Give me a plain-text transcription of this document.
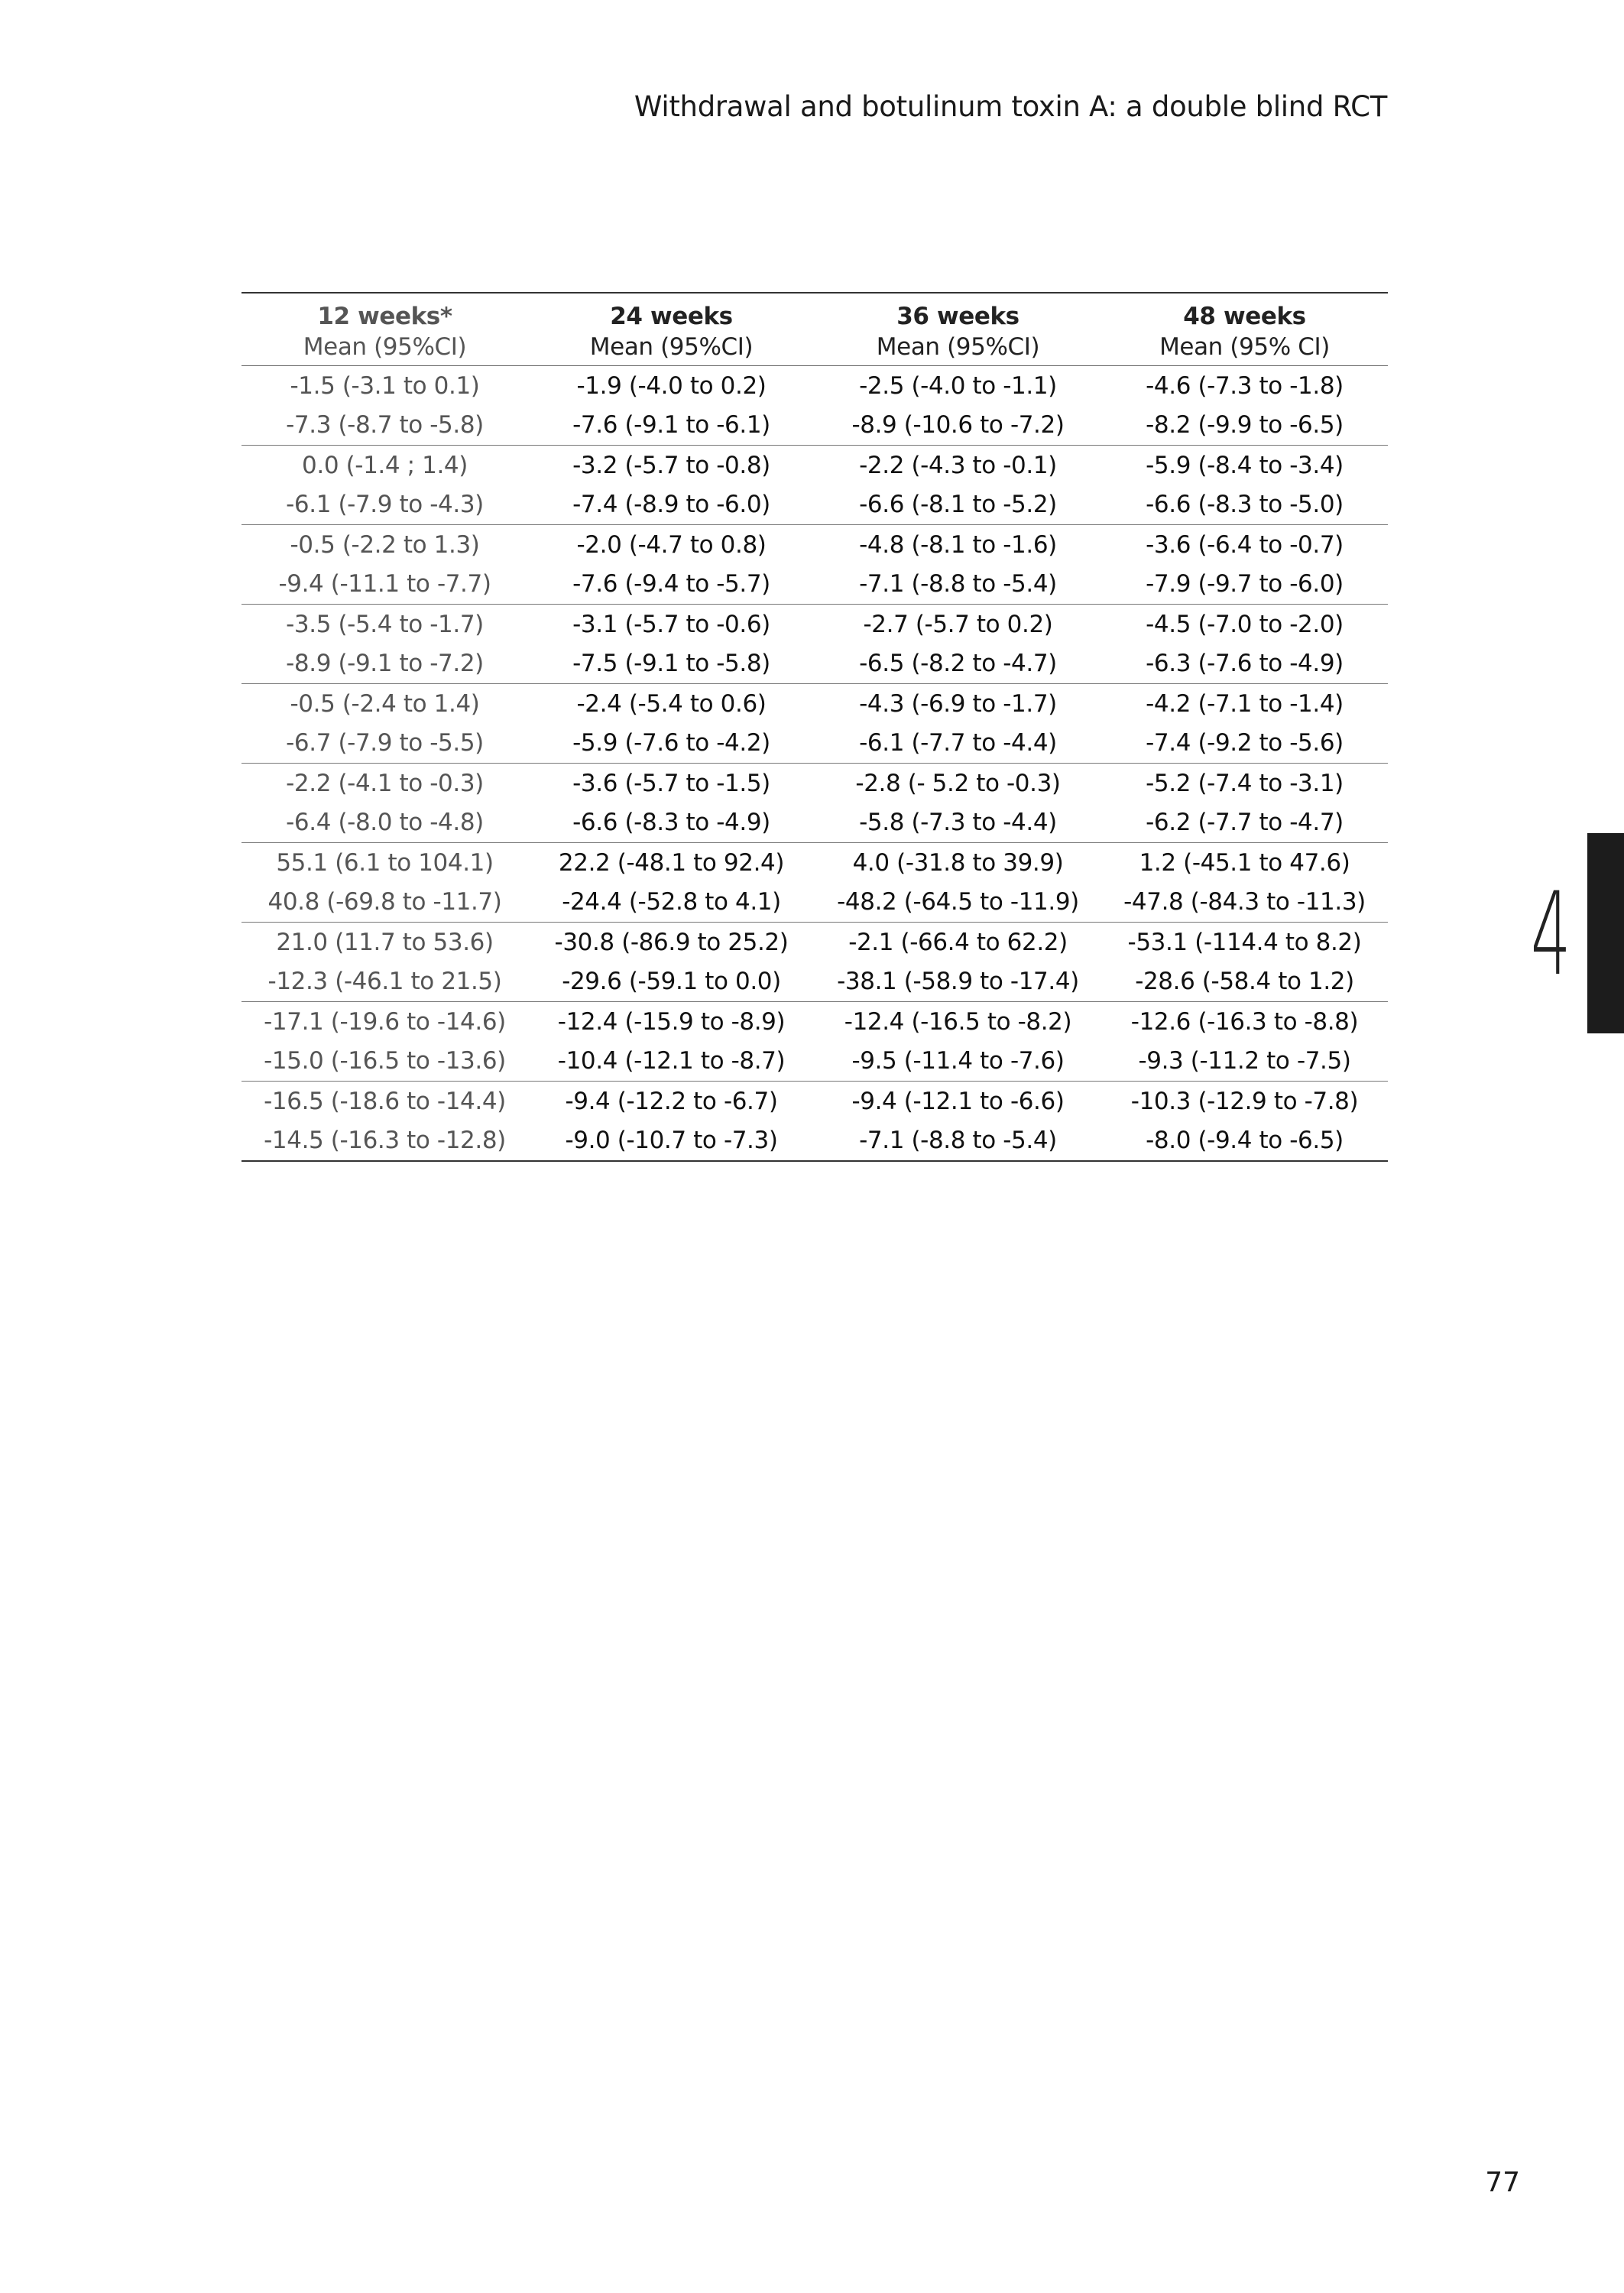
Withdrawal and botulinum toxin A: a double blind RCT
12 weeks*	24 weeks	36 weeks	48 weeks
Mean (95%CI)	Mean (95%CI)	Mean (95%CI)	Mean (95% CI)
-1.5 (-3.1 to 0.1)	-1.9 (-4.0 to 0.2)	-2.5 (-4.0 to -1.1)	-4.6 (-7.3 to -1.8)
-7.3 (-8.7 to -5.8)	-7.6 (-9.1 to -6.1)	-8.9 (-10.6 to -7.2)	-8.2 (-9.9 to -6.5)
0.0 (-1.4 ; 1.4)	-3.2 (-5.7 to -0.8)	-2.2 (-4.3 to -0.1)	-5.9 (-8.4 to -3.4)
-6.1 (-7.9 to -4.3)	-7.4 (-8.9 to -6.0)	-6.6 (-8.1 to -5.2)	-6.6 (-8.3 to -5.0)
-0.5 (-2.2 to 1.3)	-2.0 (-4.7 to 0.8)	-4.8 (-8.1 to -1.6)	-3.6 (-6.4 to -0.7)
-9.4 (-11.1 to -7.7)	-7.6 (-9.4 to -5.7)	-7.1 (-8.8 to -5.4)	-7.9 (-9.7 to -6.0)
-3.5 (-5.4 to -1.7)	-3.1 (-5.7 to -0.6)	-2.7 (-5.7 to 0.2)	-4.5 (-7.0 to -2.0)
-8.9 (-9.1 to -7.2)	-7.5 (-9.1 to -5.8)	-6.5 (-8.2 to -4.7)	-6.3 (-7.6 to -4.9)
-0.5 (-2.4 to 1.4)	-2.4 (-5.4 to 0.6)	-4.3 (-6.9 to -1.7)	-4.2 (-7.1 to -1.4)
-6.7 (-7.9 to -5.5)	-5.9 (-7.6 to -4.2)	-6.1 (-7.7 to -4.4)	-7.4 (-9.2 to -5.6)
-2.2 (-4.1 to -0.3)	-3.6 (-5.7 to -1.5)	-2.8 (- 5.2 to -0.3)	-5.2 (-7.4 to -3.1)
-6.4 (-8.0 to -4.8)	-6.6 (-8.3 to -4.9)	-5.8 (-7.3 to -4.4)	-6.2 (-7.7 to -4.7)
55.1 (6.1 to 104.1)	22.2 (-48.1 to 92.4)	4.0 (-31.8 to 39.9)	1.2 (-45.1 to 47.6)
40.8 (-69.8 to -11.7)	-24.4 (-52.8 to 4.1)	-48.2 (-64.5 to -11.9)	-47.8 (-84.3 to -11.3)
21.0 (11.7 to 53.6)	-30.8 (-86.9 to 25.2)	-2.1 (-66.4 to 62.2)	-53.1 (-114.4 to 8.2)
-12.3 (-46.1 to 21.5)	-29.6 (-59.1 to 0.0)	-38.1 (-58.9 to -17.4)	-28.6 (-58.4 to 1.2)
-17.1 (-19.6 to -14.6)	-12.4 (-15.9 to -8.9)	-12.4 (-16.5 to -8.2)	-12.6 (-16.3 to -8.8)
-15.0 (-16.5 to -13.6)	-10.4 (-12.1 to -8.7)	-9.5 (-11.4 to -7.6)	-9.3 (-11.2 to -7.5)
-16.5 (-18.6 to -14.4)	-9.4 (-12.2 to -6.7)	-9.4 (-12.1 to -6.6)	-10.3 (-12.9 to -7.8)
-14.5 (-16.3 to -12.8)	-9.0 (-10.7 to -7.3)	-7.1 (-8.8 to -5.4)	-8.0 (-9.4 to -6.5)
4
77
